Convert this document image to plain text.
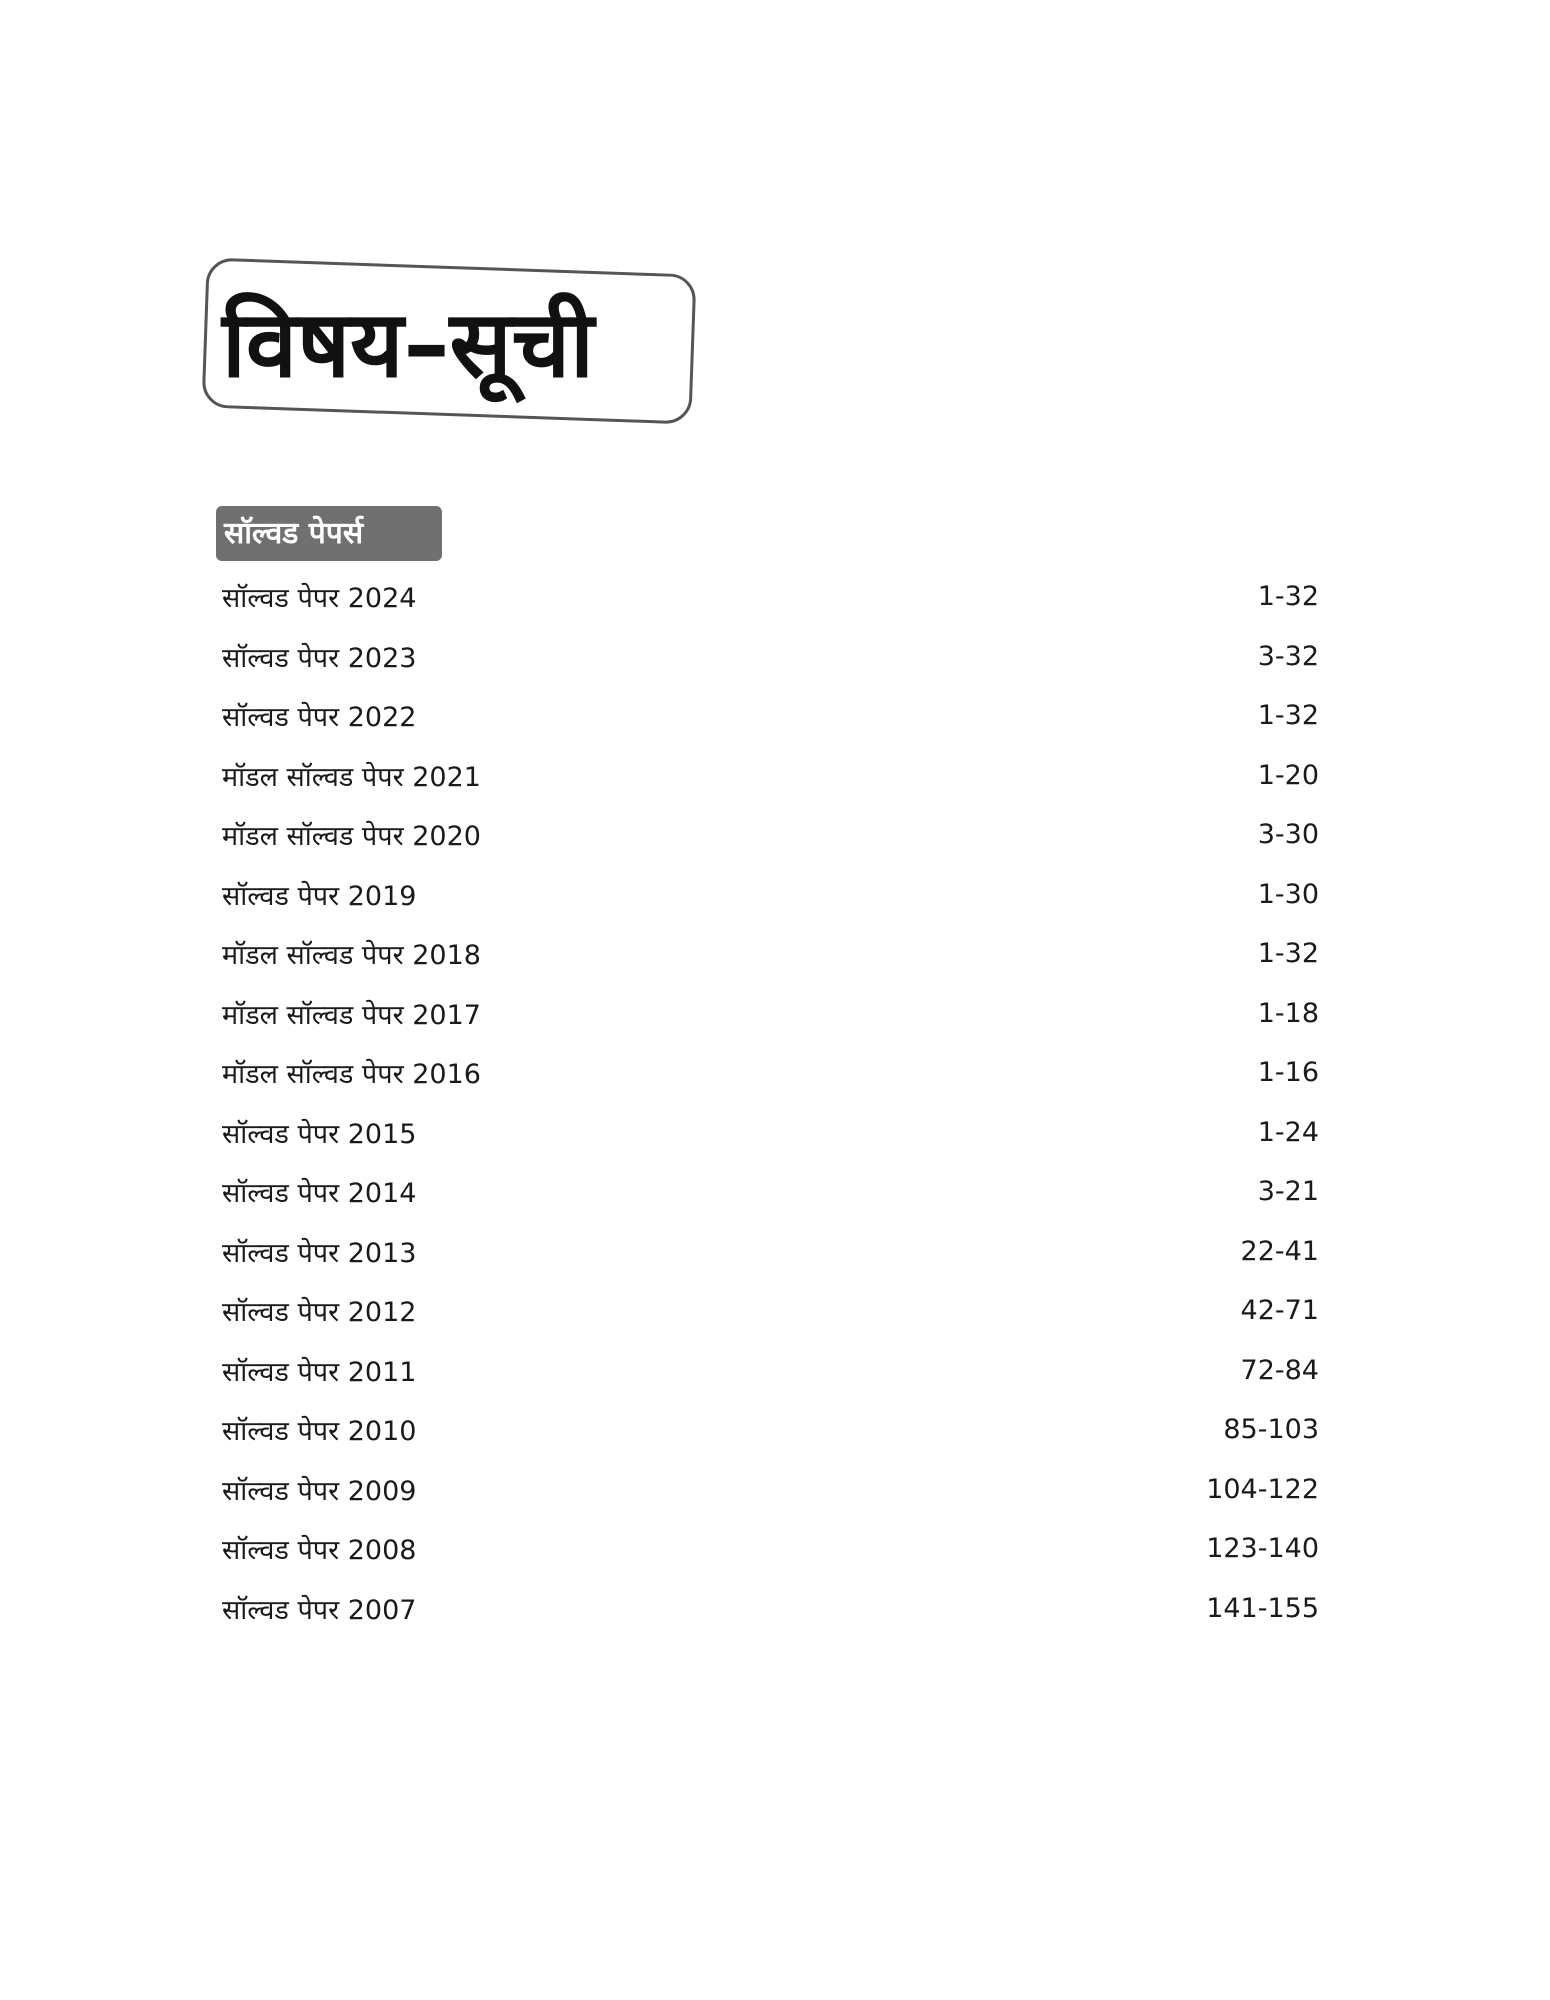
विषय–सूची
सॉल्वड पेपर्स
सॉल्वड पेपर 2024	1-32
सॉल्वड पेपर 2023	3-32
सॉल्वड पेपर 2022	1-32
मॉडल सॉल्वड पेपर 2021	1-20
मॉडल सॉल्वड पेपर 2020	3-30
सॉल्वड पेपर 2019	1-30
मॉडल सॉल्वड पेपर 2018	1-32
मॉडल सॉल्वड पेपर 2017	1-18
मॉडल सॉल्वड पेपर 2016	1-16
सॉल्वड पेपर 2015	1-24
सॉल्वड पेपर 2014	3-21
सॉल्वड पेपर 2013	22-41
सॉल्वड पेपर 2012	42-71
सॉल्वड पेपर 2011	72-84
सॉल्वड पेपर 2010	85-103
सॉल्वड पेपर 2009	104-122
सॉल्वड पेपर 2008	123-140
सॉल्वड पेपर 2007	141-155
